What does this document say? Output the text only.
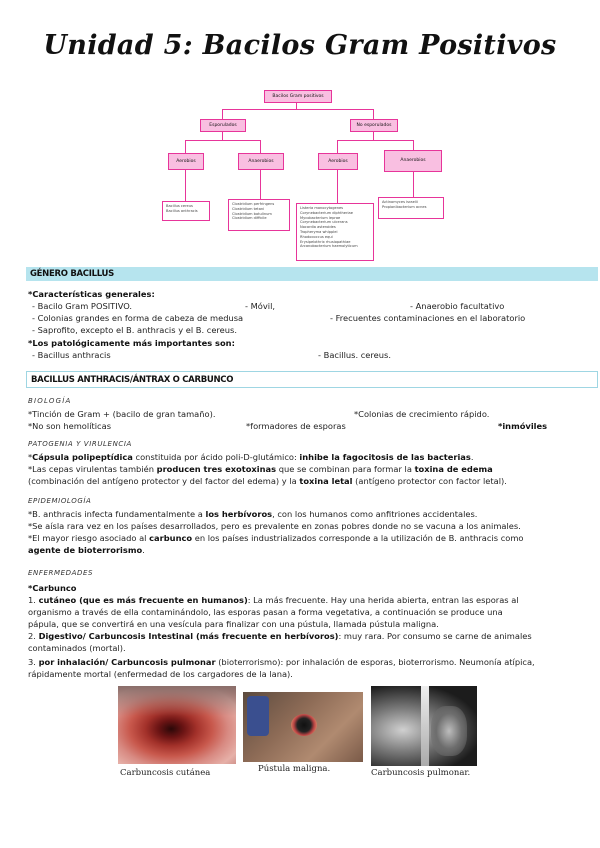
Unidad 5: Bacilos Gram Positivos
Bacilos Gram positivos
Esporulados	No esporulados
Aerobios	Anaerobios	Aerobios	Anaerobios
Bacillus cereus
Bacillus anthracis
Clostridium perfringens
Clostridium tetani
Clostridium botulinum
Clostridium difficile
Listeria monocytogenes
Corynebacterium diphtheriae
Mycobacterium leprae
Corynebacterium ulcerans
Nocardia asteroides
Tropheryma whipplei
Rhodococcus equi
Erysipelothrix rhusiopathiae
Arcanobacterium haemolyticum
Actinomyces israelii
Propionibacterium acnes
GÉNERO BACILLUS
*Características generales:
- Bacilo Gram POSITIVO.	- Móvil,	- Anaerobio facultativo
- Colonias grandes en forma de cabeza de medusa	- Frecuentes contaminaciones en el laboratorio
- Saprofito, excepto el B. anthracis y el B. cereus.
*Los patológicamente más importantes son:
- Bacillus anthracis	- Bacillus. cereus.
BACILLUS ANTHRACIS/ÁNTRAX O CARBUNCO
BIOLOGÍA
*Tinción de Gram + (bacilo de gran tamaño).	*Colonias de crecimiento rápido.
*No son hemolíticas	*formadores de esporas	*inmóviles
PATOGENIA Y VIRULENCIA
*Cápsula polipeptídica constituida por ácido poli-D-glutámico: inhibe la fagocitosis de las bacterias.
*Las cepas virulentas también producen tres exotoxinas que se combinan para formar la toxina de edema
(combinación del antígeno protector y del factor del edema) y la toxina letal (antígeno protector con factor letal).
EPIDEMIOLOGÍA
*B. anthracis infecta fundamentalmente a los herbívoros, con los humanos como anfitriones accidentales.
*Se aísla rara vez en los países desarrollados, pero es prevalente en zonas pobres donde no se vacuna a los animales.
*El mayor riesgo asociado al carbunco en los países industrializados corresponde a la utilización de B. anthracis como
agente de bioterrorismo.
ENFERMEDADES
*Carbunco
1. cutáneo (que es más frecuente en humanos): La más frecuente. Hay una herida abierta, entran las esporas al
organismo a través de ella contaminándolo, las esporas pasan a forma vegetativa, a continuación se produce una
pápula, que se convertirá en una vesícula para finalizar con una pústula, llamada pústula maligna.
2. Digestivo/ Carbuncosis Intestinal (más frecuente en herbívoros): muy rara. Por consumo se carne de animales
contaminados (mortal).
3. por inhalación/ Carbuncosis pulmonar (bioterrorismo): por inhalación de esporas, bioterrorismo. Neumonía atípica,
rápidamente mortal (enfermedad de los cargadores de la lana).
Carbuncosis cutánea	Pústula maligna.	Carbuncosis pulmonar.
